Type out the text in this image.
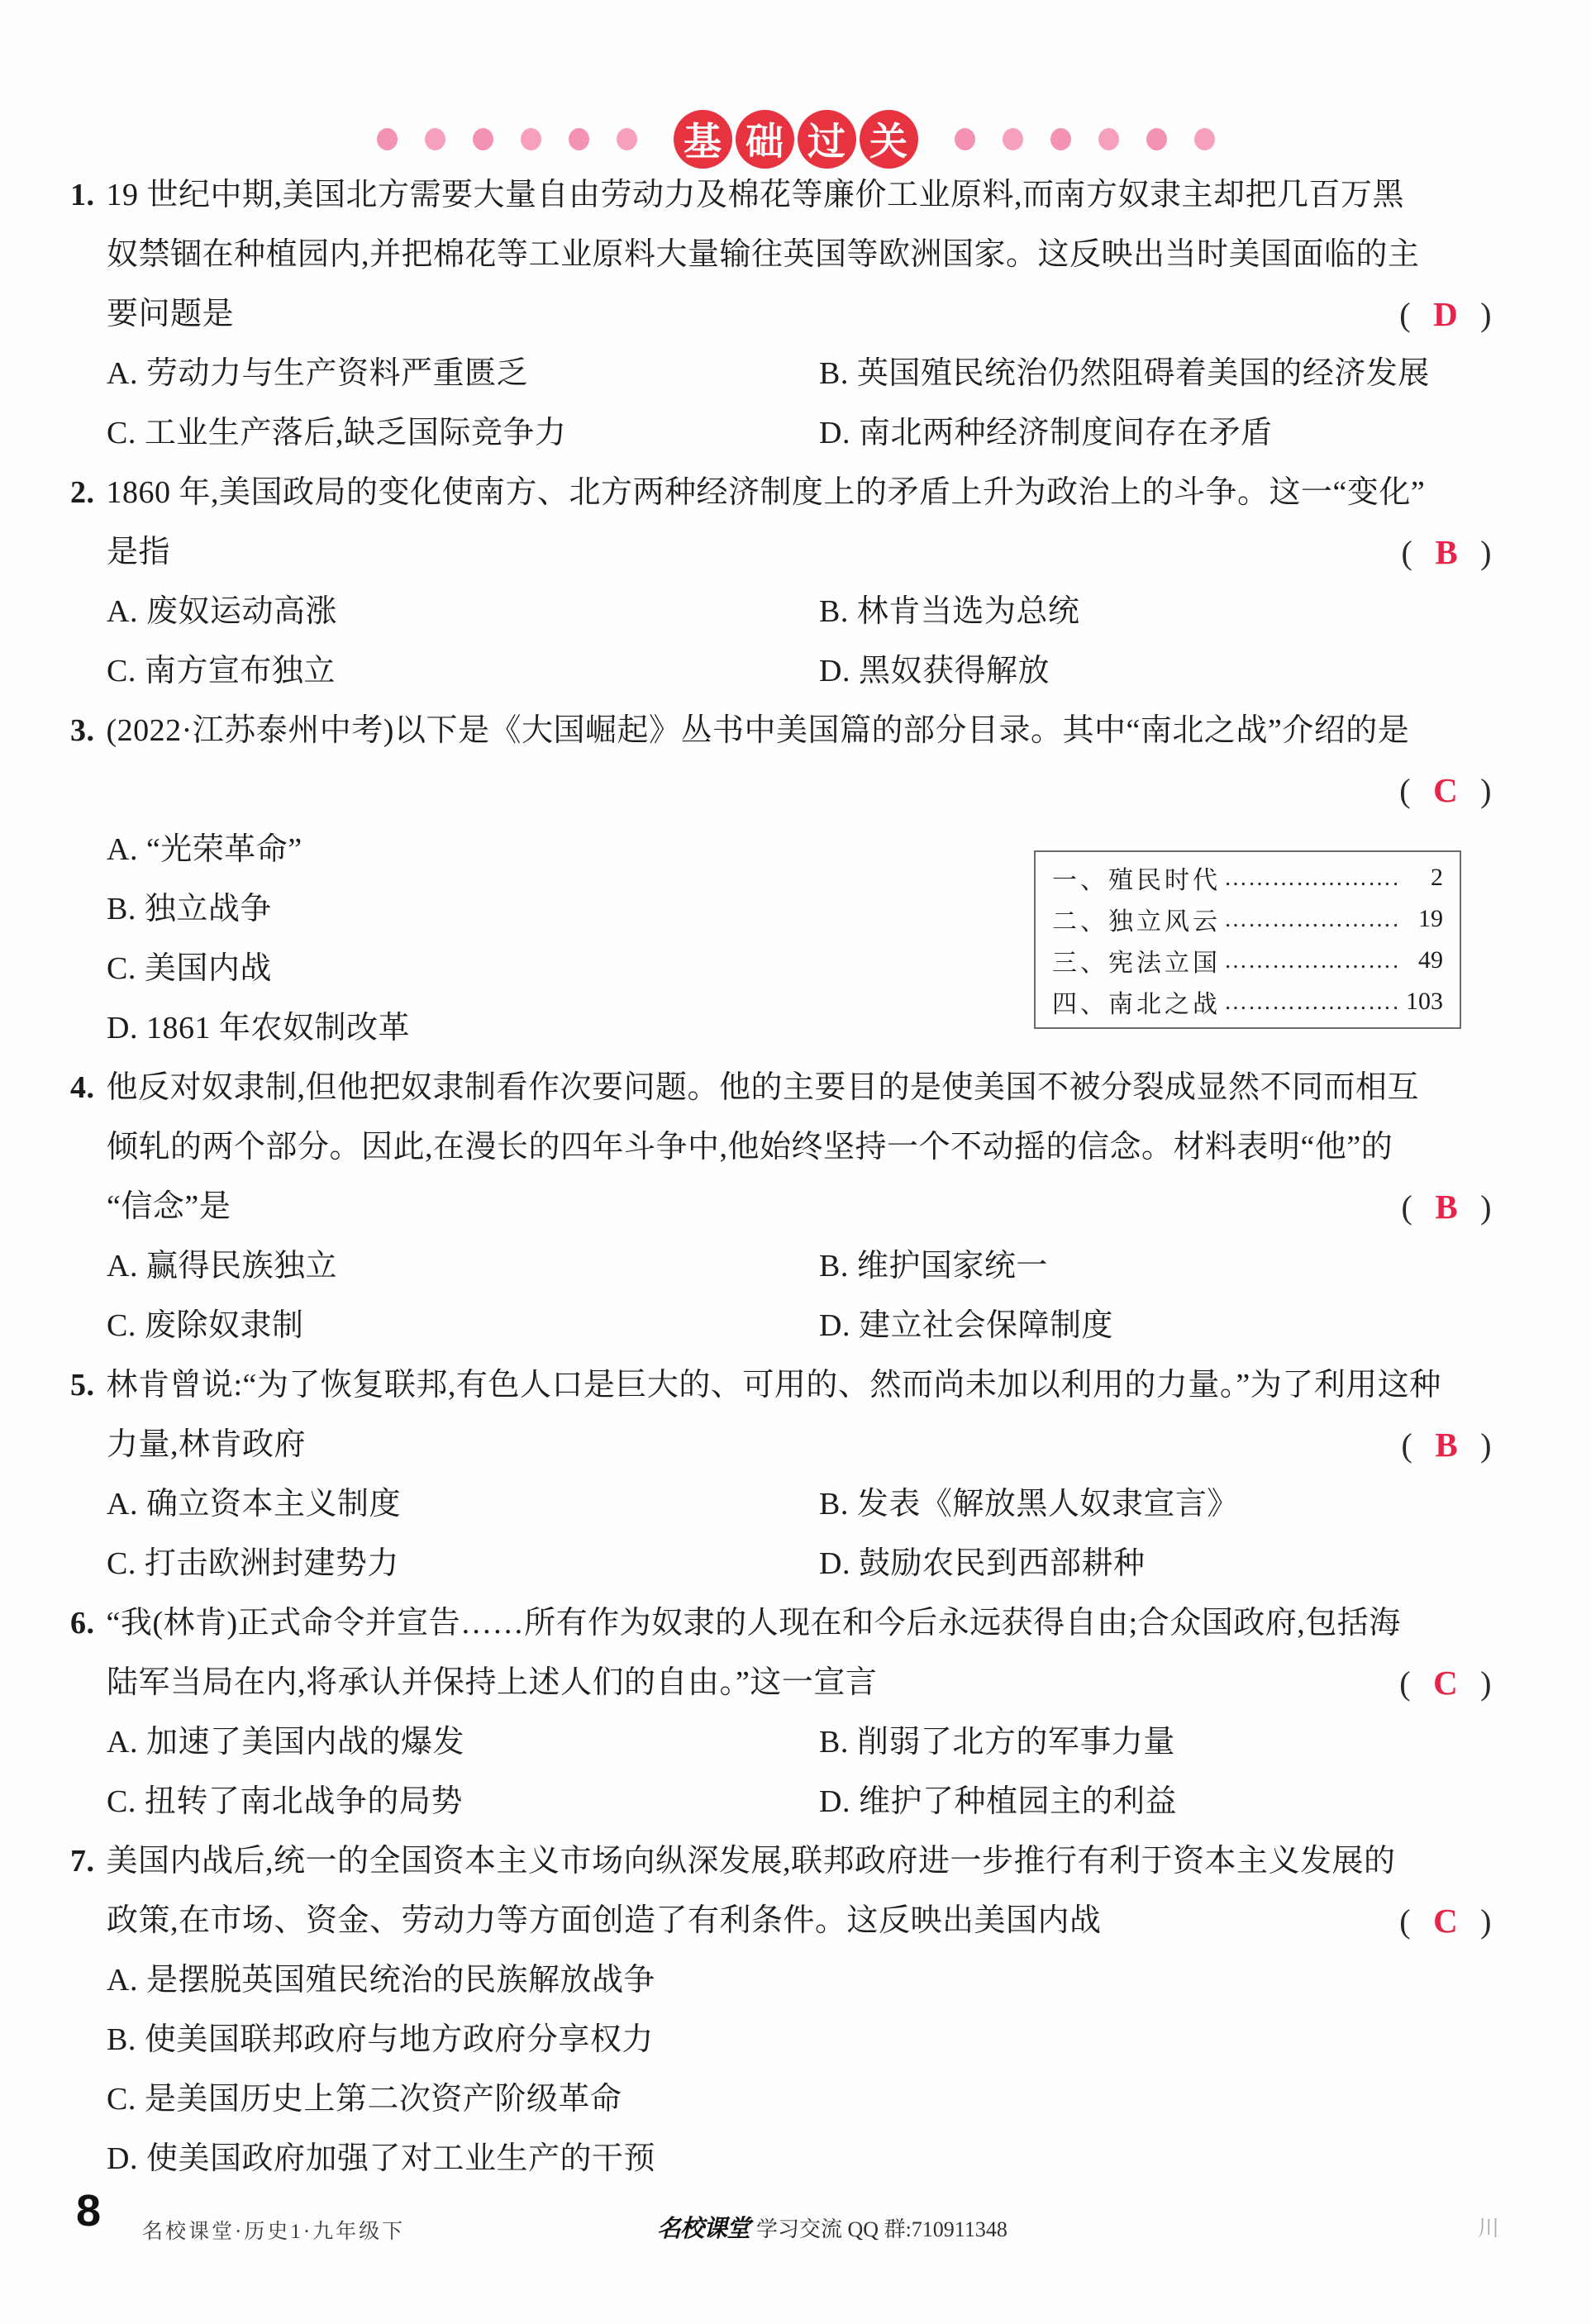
基 础 过 关
1. 19 世纪中期,美国北方需要大量自由劳动力及棉花等廉价工业原料,而南方奴隶主却把几百万黑
奴禁锢在种植园内,并把棉花等工业原料大量输往英国等欧洲国家。这反映出当时美国面临的主
( D )
要问题是
A. 劳动力与生产资料严重匮乏	B. 英国殖民统治仍然阻碍着美国的经济发展
C. 工业生产落后,缺乏国际竞争力	D. 南北两种经济制度间存在矛盾
2. 1860 年,美国政局的变化使南方、北方两种经济制度上的矛盾上升为政治上的斗争。这一“变化”
( B )
是指
A. 废奴运动高涨	B. 林肯当选为总统
C. 南方宣布独立	D. 黑奴获得解放
3. (2022·江苏泰州中考)以下是《大国崛起》丛书中美国篇的部分目录。其中“南北之战”介绍的是
( C )
A. “光荣革命”
B. 独立战争
C. 美国内战
D. 1861 年农奴制改革
4. 他反对奴隶制,但他把奴隶制看作次要问题。他的主要目的是使美国不被分裂成显然不同而相互
倾轧的两个部分。因此,在漫长的四年斗争中,他始终坚持一个不动摇的信念。材料表明“他”的
( B )
“信念”是
A. 赢得民族独立	B. 维护国家统一
C. 废除奴隶制	D. 建立社会保障制度
5. 林肯曾说:“为了恢复联邦,有色人口是巨大的、可用的、然而尚未加以利用的力量。”为了利用这种
( B )
力量,林肯政府
A. 确立资本主义制度	B. 发表《解放黑人奴隶宣言》
C. 打击欧洲封建势力	D. 鼓励农民到西部耕种
6. “我(林肯)正式命令并宣告……所有作为奴隶的人现在和今后永远获得自由;合众国政府,包括海
( C )
陆军当局在内,将承认并保持上述人们的自由。”这一宣言
A. 加速了美国内战的爆发	B. 削弱了北方的军事力量
C. 扭转了南北战争的局势	D. 维护了种植园主的利益
7. 美国内战后,统一的全国资本主义市场向纵深发展,联邦政府进一步推行有利于资本主义发展的
( C )
政策,在市场、资金、劳动力等方面创造了有利条件。这反映出美国内战
A. 是摆脱英国殖民统治的民族解放战争
B. 使美国联邦政府与地方政府分享权力
C. 是美国历史上第二次资产阶级革命
D. 使美国政府加强了对工业生产的干预
一、殖民时代 ……………………………………………………	2
二、独立风云 ……………………………………………………	19
三、宪法立国 ……………………………………………………	49
四、南北之战 ……………………………………………………	103
8 名校课堂·历史1·九年级下	名校课堂 学习交流 QQ 群:710911348	川
